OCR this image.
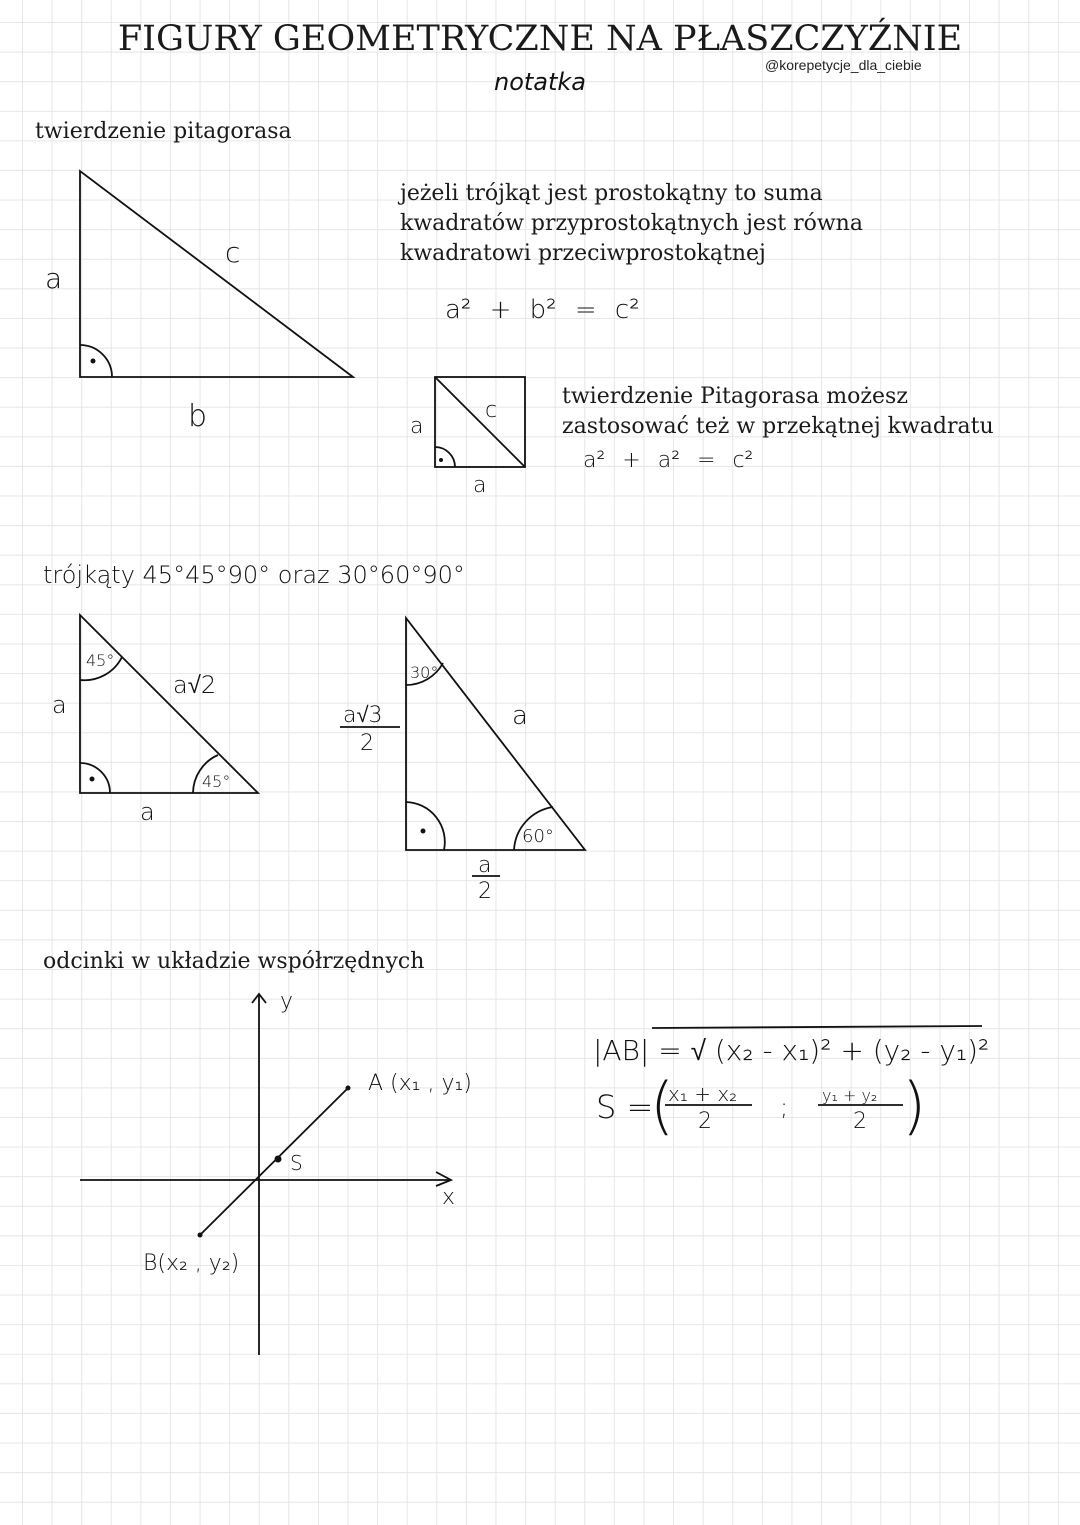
FIGURY GEOMETRYCZNE NA PŁASZCZYŹNIE
notatka
@korepetycje_dla_ciebie
twierdzenie pitagorasa
a
c
b
jeżeli trójkąt jest prostokątny to suma
kwadratów przyprostokątnych jest równa
kwadratowi przeciwprostokątnej
a² + b² = c²
a
c
a
twierdzenie Pitagorasa możesz
zastosować też w przekątnej kwadratu
a² + a² = c²
trójkąty 45°45°90° oraz 30°60°90°
45°
45°
a√2
a
a
30°
60°
a
a√3
2
a
2
odcinki w układzie współrzędnych
y
x
A (x₁ , y₁)
S
B(x₂ , y₂)
|AB| = √ (x₂ - x₁)² + (y₂ - y₁)²
S =
(
x₁ + x₂
2
; y₁ + y₂
2 )
